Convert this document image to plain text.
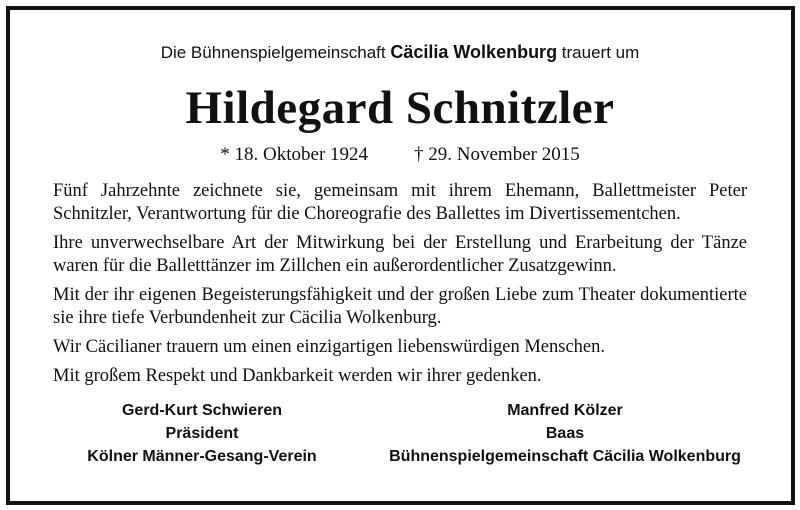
Die Bühnenspielgemeinschaft Cäcilia Wolkenburg trauert um
Hildegard Schnitzler
* 18. Oktober 1924 † 29. November 2015

Fünf Jahrzehnte zeichnete sie, gemeinsam mit ihrem Ehemann, Ballettmeister Peter Schnitzler, Verantwortung für die Choreografie des Ballettes im Divertissementchen.

Ihre unverwechselbare Art der Mitwirkung bei der Erstellung und Erarbeitung der Tänze waren für die Balletttänzer im Zillchen ein außerordentlicher Zusatzgewinn.

Mit der ihr eigenen Begeisterungsfähigkeit und der großen Liebe zum Theater dokumentierte sie ihre tiefe Verbundenheit zur Cäcilia Wolkenburg.

Wir Cäcilianer trauern um einen einzigartigen liebenswürdigen Menschen.

Mit großem Respekt und Dankbarkeit werden wir ihrer gedenken.

Gerd-Kurt Schwieren
Präsident
Kölner Männer-Gesang-Verein
Manfred Kölzer
Baas
Bühnenspielgemeinschaft Cäcilia Wolkenburg
